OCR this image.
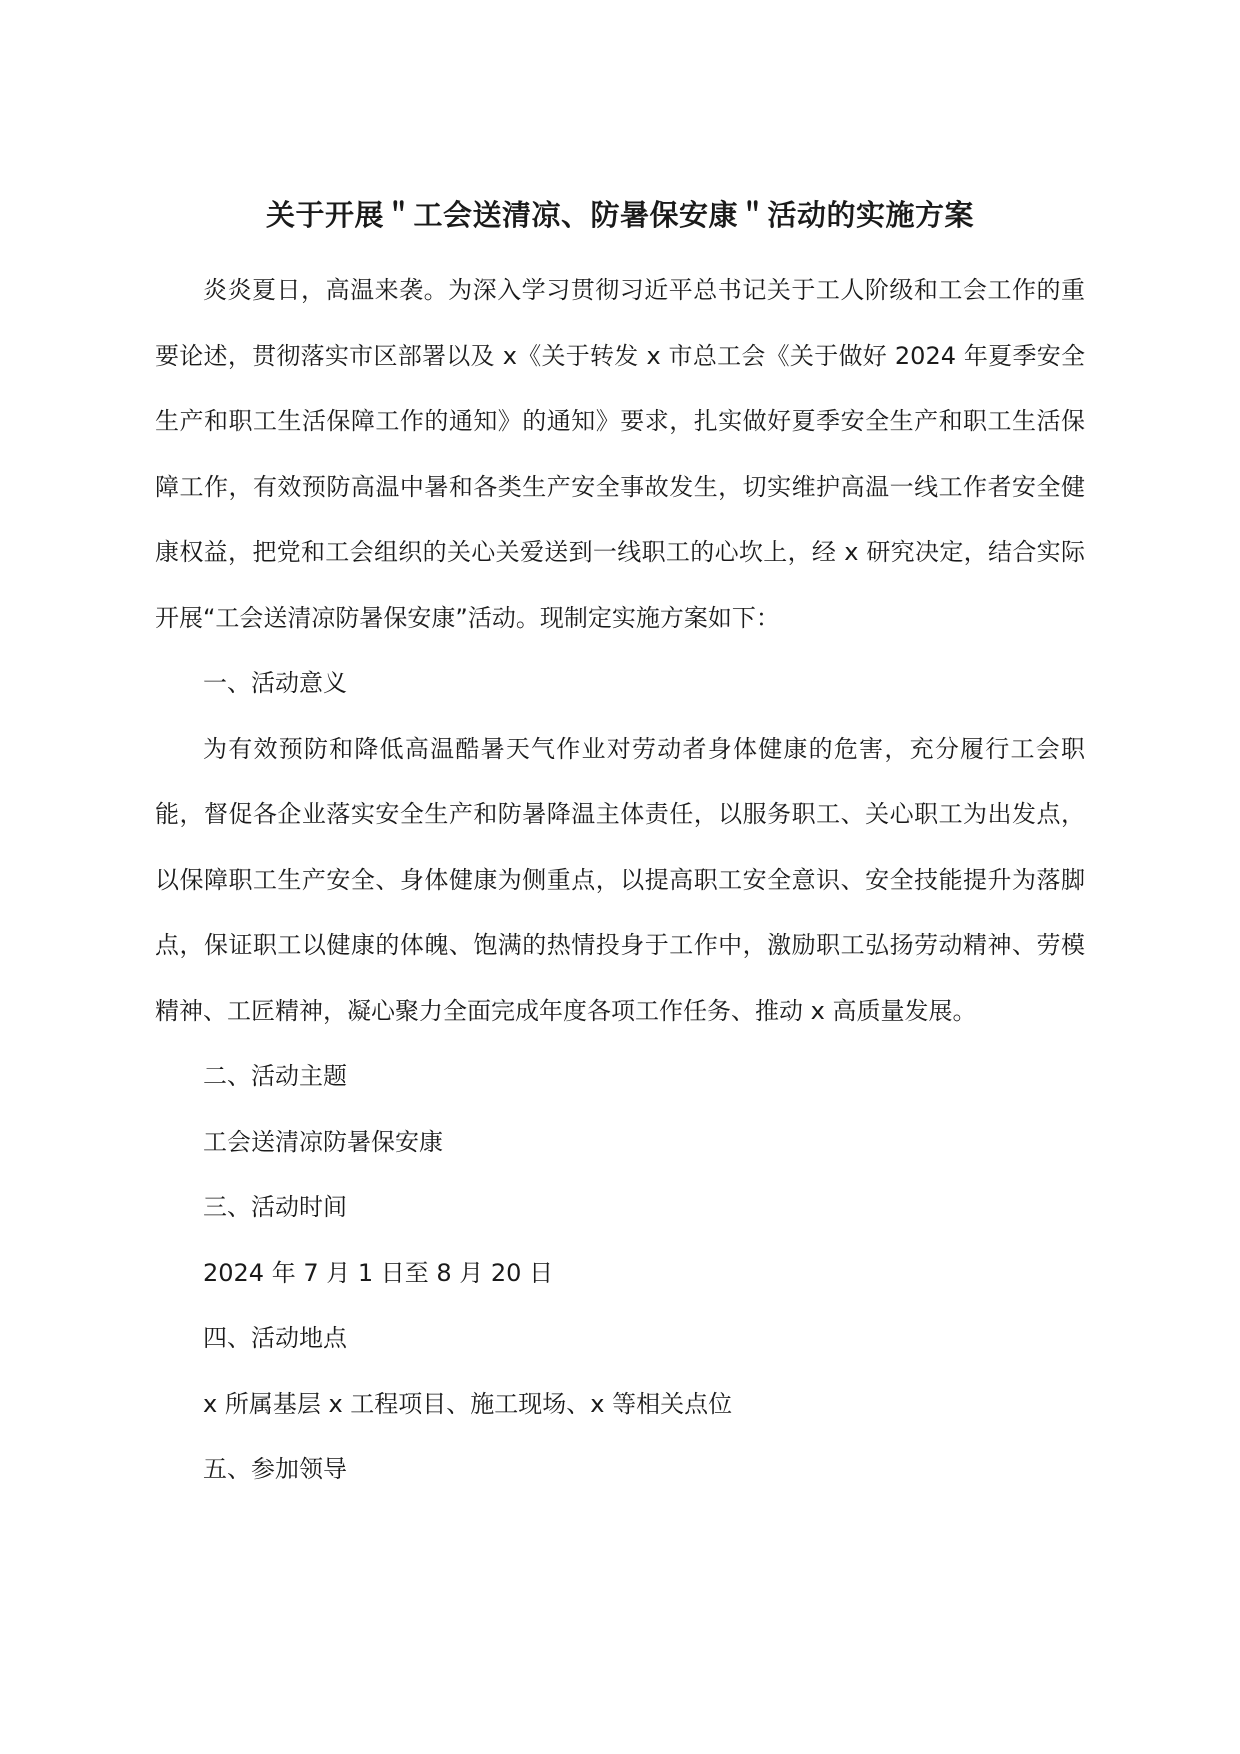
关于开展＂工会送清凉、防暑保安康＂活动的实施方案

炎炎夏日，高温来袭。为深入学习贯彻习近平总书记关于工人阶级和工会工作的重要论述，贯彻落实市区部署以及 x《关于转发 x 市总工会《关于做好 2024 年夏季安全生产和职工生活保障工作的通知》的通知》要求，扎实做好夏季安全生产和职工生活保障工作，有效预防高温中暑和各类生产安全事故发生，切实维护高温一线工作者安全健康权益，把党和工会组织的关心关爱送到一线职工的心坎上，经 x 研究决定，结合实际开展“工会送清凉防暑保安康”活动。现制定实施方案如下：

一、活动意义

为有效预防和降低高温酷暑天气作业对劳动者身体健康的危害，充分履行工会职能，督促各企业落实安全生产和防暑降温主体责任，以服务职工、关心职工为出发点，以保障职工生产安全、身体健康为侧重点，以提高职工安全意识、安全技能提升为落脚点，保证职工以健康的体魄、饱满的热情投身于工作中，激励职工弘扬劳动精神、劳模精神、工匠精神，凝心聚力全面完成年度各项工作任务、推动 x 高质量发展。

二、活动主题

工会送清凉防暑保安康

三、活动时间

2024 年 7 月 1 日至 8 月 20 日

四、活动地点

x 所属基层 x 工程项目、施工现场、x 等相关点位

五、参加领导
